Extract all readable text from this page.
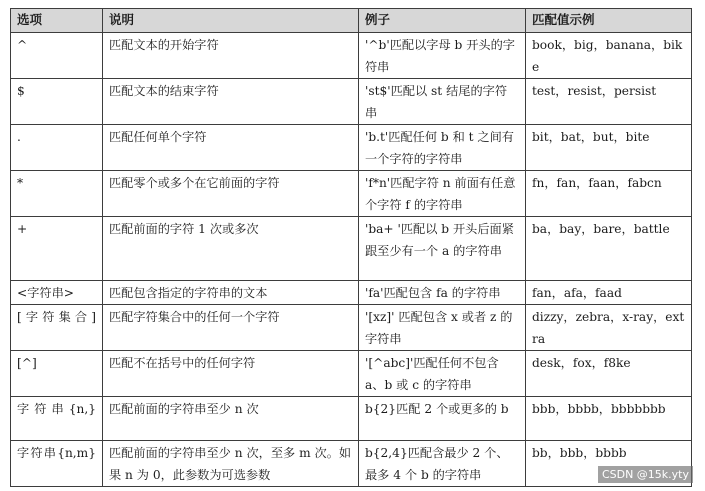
选项	说明	例子	匹配值示例
^	匹配文本的开始字符	'^b'匹配以字母 b 开头的字符串	book，big，banana，bike
$	匹配文本的结束字符	'st$'匹配以 st 结尾的字符串	test，resist，persist
.	匹配任何单个字符	'b.t'匹配任何 b 和 t 之间有一个字符的字符串	bit，bat，but，bite
*	匹配零个或多个在它前面的字符	'f*n'匹配字符 n 前面有任意个字符 f 的字符串	fn，fan，faan，fabcn
+	匹配前面的字符 1 次或多次	'ba+ '匹配以 b 开头后面紧跟至少有一个 a 的字符串	ba，bay，bare，battle
<字符串>	匹配包含指定的字符串的文本	'fa'匹配包含 fa 的字符串	fan，afa，faad
[字符集合]	匹配字符集合中的任何一个字符	'[xz]' 匹配包含 x 或者 z 的字符串	dizzy，zebra，x-ray，extra
[^]	匹配不在括号中的任何字符	'[^abc]'匹配任何不包含 a、b 或 c 的字符串	desk，fox，f8ke
字符串{n,}	匹配前面的字符串至少 n 次	b{2}匹配 2 个或更多的 b	bbb，bbbb，bbbbbbb
字符串{n,m}	匹配前面的字符串至少 n 次，至多 m 次。如果 n 为 0，此参数为可选参数	b{2,4}匹配含最少 2 个、最多 4 个 b 的字符串	bb，bbb，bbbb
CSDN @15k.yty
